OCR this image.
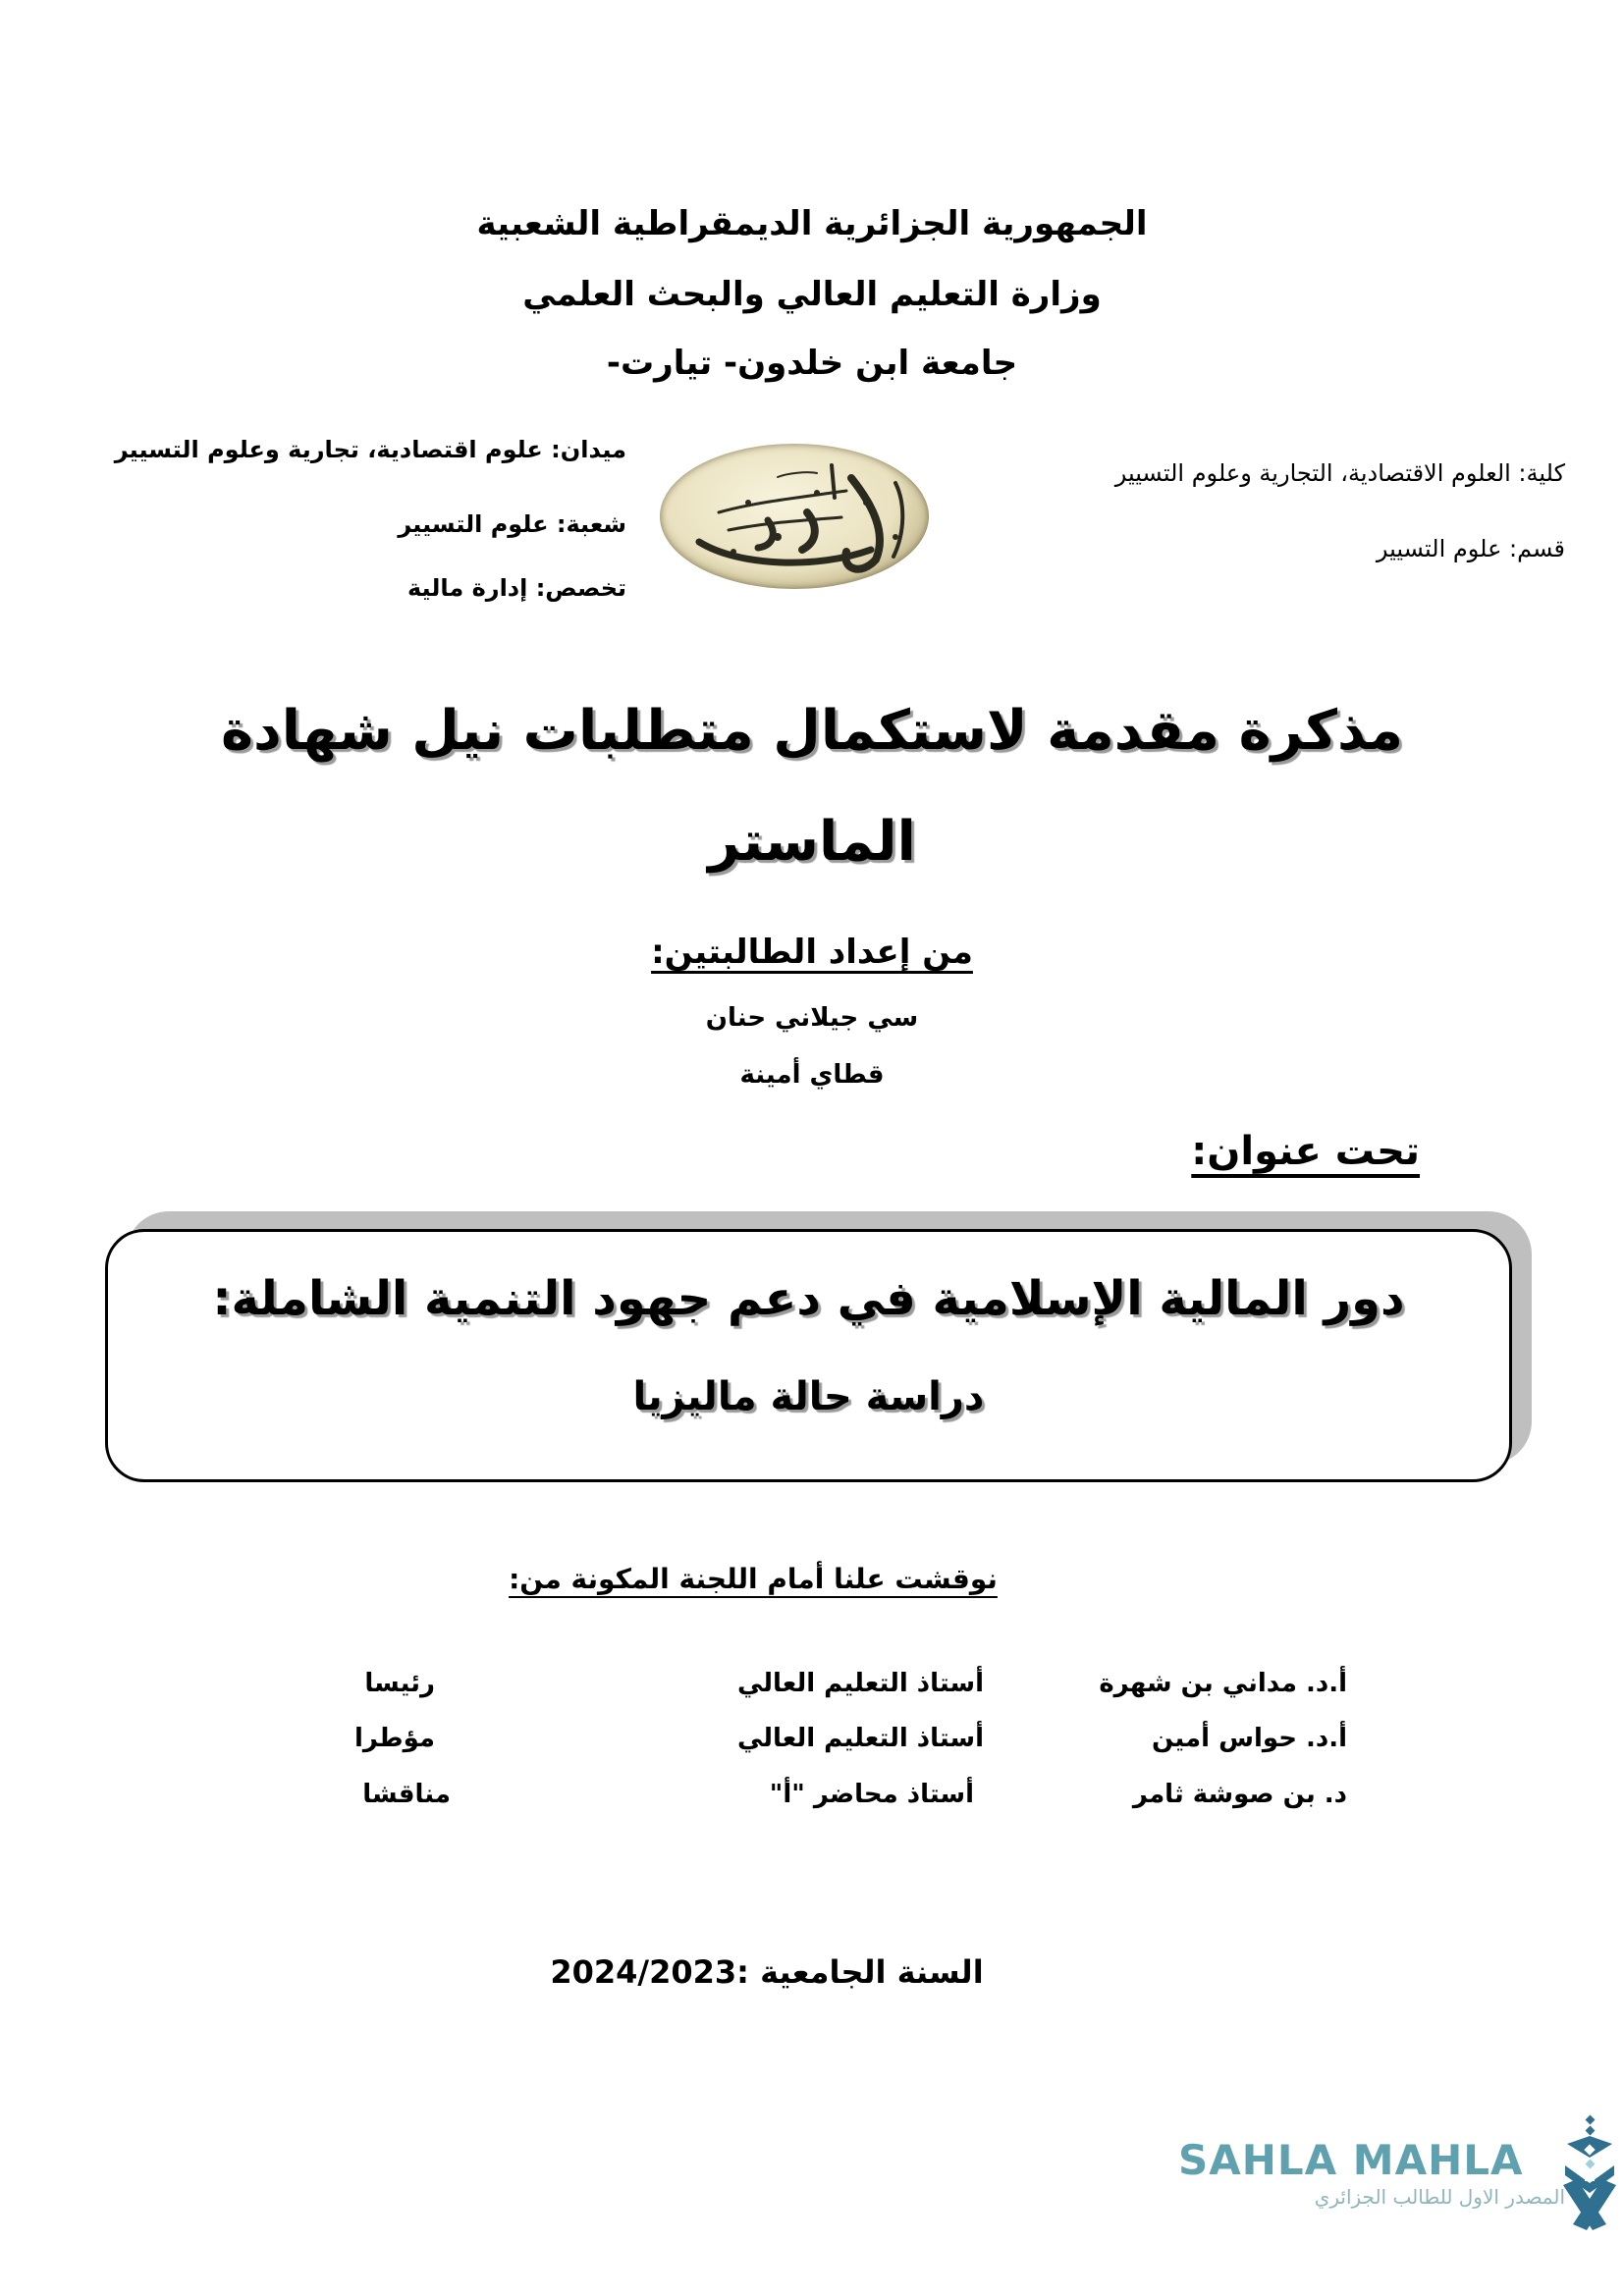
الجمهورية الجزائرية الديمقراطية الشعبية
وزارة التعليم العالي والبحث العلمي
جامعة ابن خلدون- تيارت-
ميدان: علوم اقتصادية، تجارية وعلوم التسيير
شعبة: علوم التسيير
تخصص: إدارة مالية
كلية: العلوم الاقتصادية، التجارية وعلوم التسيير
قسم: علوم التسيير
مذكرة مقدمة لاستكمال متطلبات نيل شهادة
الماستر
من إعداد الطالبتين:
سي جيلاني حنان
قطاي أمينة
تحت عنوان:
دور المالية الإسلامية في دعم جهود التنمية الشاملة:
دراسة حالة ماليزيا
نوقشت علنا أمام اللجنة المكونة من:
أ.د. مداني بن شهرة
أستاذ التعليم العالي
رئيسا
أ.د. حواس أمين
أستاذ التعليم العالي
مؤطرا
د. بن صوشة ثامر
أستاذ محاضر "أ"
مناقشا
السنة الجامعية :2024/2023
SAHLA MAHLA
المصدر الاول للطالب الجزائري
